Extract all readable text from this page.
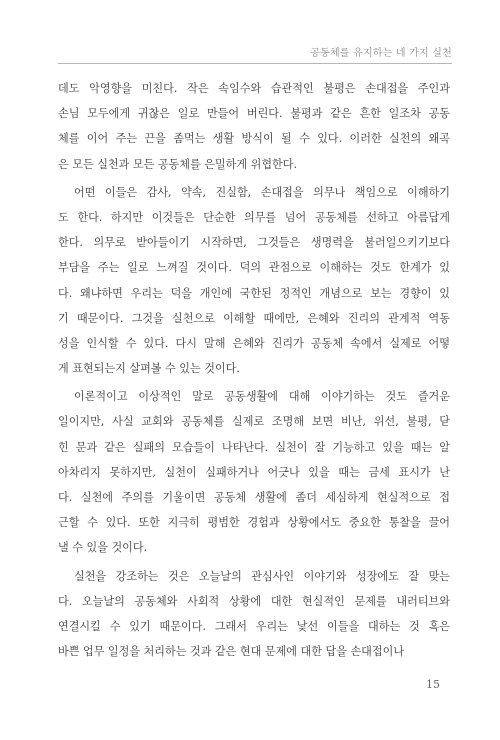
공동체를 유지하는 네 가지 실천
데도 악영향을 미친다. 작은 속임수와 습관적인 불평은 손대접을 주인과
손님 모두에게 귀찮은 일로 만들어 버린다. 불평과 같은 흔한 일조차 공동
체를 이어 주는 끈을 좀먹는 생활 방식이 될 수 있다. 이러한 실천의 왜곡
은 모든 실천과 모든 공동체를 은밀하게 위협한다.
어떤 이들은 감사, 약속, 진실함, 손대접을 의무나 책임으로 이해하기
도 한다. 하지만 이것들은 단순한 의무를 넘어 공동체를 선하고 아름답게
한다. 의무로 받아들이기 시작하면, 그것들은 생명력을 불러일으키기보다
부담을 주는 일로 느껴질 것이다. 덕의 관점으로 이해하는 것도 한계가 있
다. 왜냐하면 우리는 덕을 개인에 국한된 정적인 개념으로 보는 경향이 있
기 때문이다. 그것을 실천으로 이해할 때에만, 은혜와 진리의 관계적 역동
성을 인식할 수 있다. 다시 말해 은혜와 진리가 공동체 속에서 실제로 어떻
게 표현되는지 살펴볼 수 있는 것이다.
이론적이고 이상적인 말로 공동생활에 대해 이야기하는 것도 즐거운
일이지만, 사실 교회와 공동체를 실제로 조명해 보면 비난, 위선, 불평, 닫
힌 문과 같은 실패의 모습들이 나타난다. 실천이 잘 기능하고 있을 때는 알
아차리지 못하지만, 실천이 실패하거나 어긋나 있을 때는 금세 표시가 난
다. 실천에 주의를 기울이면 공동체 생활에 좀더 세심하게 현실적으로 접
근할 수 있다. 또한 지극히 평범한 경험과 상황에서도 중요한 통찰을 끌어
낼 수 있을 것이다.
실천을 강조하는 것은 오늘날의 관심사인 이야기와 성장에도 잘 맞는
다. 오늘날의 공동체와 사회적 상황에 대한 현실적인 문제를 내러티브와
연결시킬 수 있기 때문이다. 그래서 우리는 낯선 이들을 대하는 것 혹은
바쁜 업무 일정을 처리하는 것과 같은 현대 문제에 대한 답을 손대접이나
15
